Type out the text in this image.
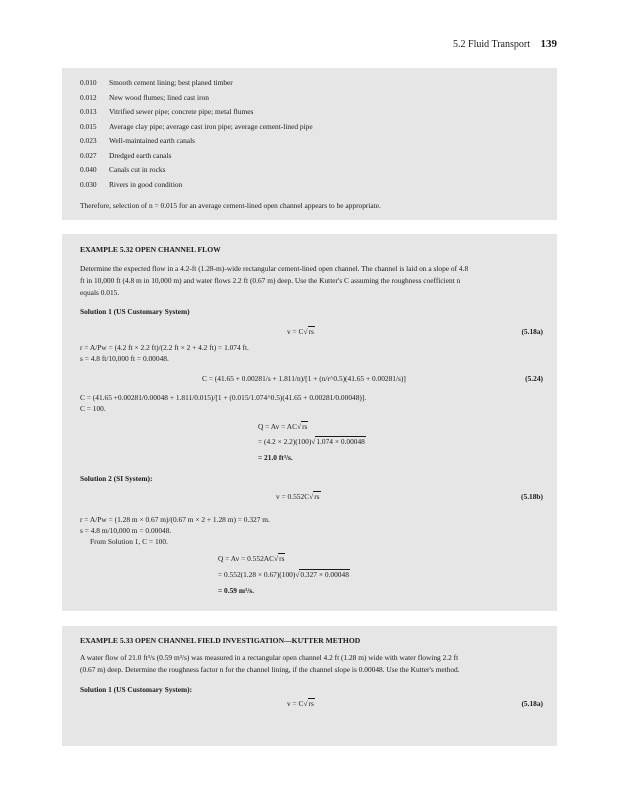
5.2 Fluid Transport 139
0.010 Smooth cement lining; best planed timber
0.012 New wood flumes; lined cast iron
0.013 Vitrified sewer pipe; concrete pipe; metal flumes
0.015 Average clay pipe; average cast iron pipe; average cement-lined pipe
0.023 Well-maintained earth canals
0.027 Dredged earth canals
0.040 Canals cut in rocks
0.030 Rivers in good condition
Therefore, selection of n = 0.015 for an average cement-lined open channel appears to be appropriate.
EXAMPLE 5.32 OPEN CHANNEL FLOW
Determine the expected flow in a 4.2-ft (1.28-m)-wide rectangular cement-lined open channel. The channel is laid on a slope of 4.8
ft in 10,000 ft (4.8 m in 10,000 m) and water flows 2.2 ft (0.67 m) deep. Use the Kutter's C assuming the roughness coefficient n
equals 0.015.
Solution 1 (US Customary System)
v = C√rs	(5.18a)
r = A/Pw = (4.2 ft × 2.2 ft)/(2.2 ft × 2 + 4.2 ft) = 1.074 ft.
s = 4.8 ft/10,000 ft = 0.00048.
C = (41.65 + 0.00281/s + 1.811/n)/[1 + (n/r^0.5)(41.65 + 0.00281/s)]	(5.24)
C = (41.65 +0.00281/0.00048 + 1.811/0.015)/[1 + (0.015/1.074^0.5)(41.65 + 0.00281/0.00048)].
C = 100.
Q = Av = AC√rs
= (4.2 × 2.2)(100)√1.074 × 0.00048
= 21.0 ft³/s.
Solution 2 (SI System):
v = 0.552C√rs	(5.18b)
r = A/Pw = (1.28 m × 0.67 m)/(0.67 m × 2 + 1.28 m) = 0.327 m.
s = 4.8 m/10,000 m = 0.00048.
From Solution 1, C = 100.
Q = Av = 0.552AC√rs
= 0.552(1.28 × 0.67)(100)√0.327 × 0.00048
= 0.59 m³/s.
EXAMPLE 5.33 OPEN CHANNEL FIELD INVESTIGATION—KUTTER METHOD
A water flow of 21.0 ft³/s (0.59 m³/s) was measured in a rectangular open channel 4.2 ft (1.28 m) wide with water flowing 2.2 ft
(0.67 m) deep. Determine the roughness factor n for the channel lining, if the channel slope is 0.00048. Use the Kutter's method.
Solution 1 (US Customary System):
v = C√rs	(5.18a)
